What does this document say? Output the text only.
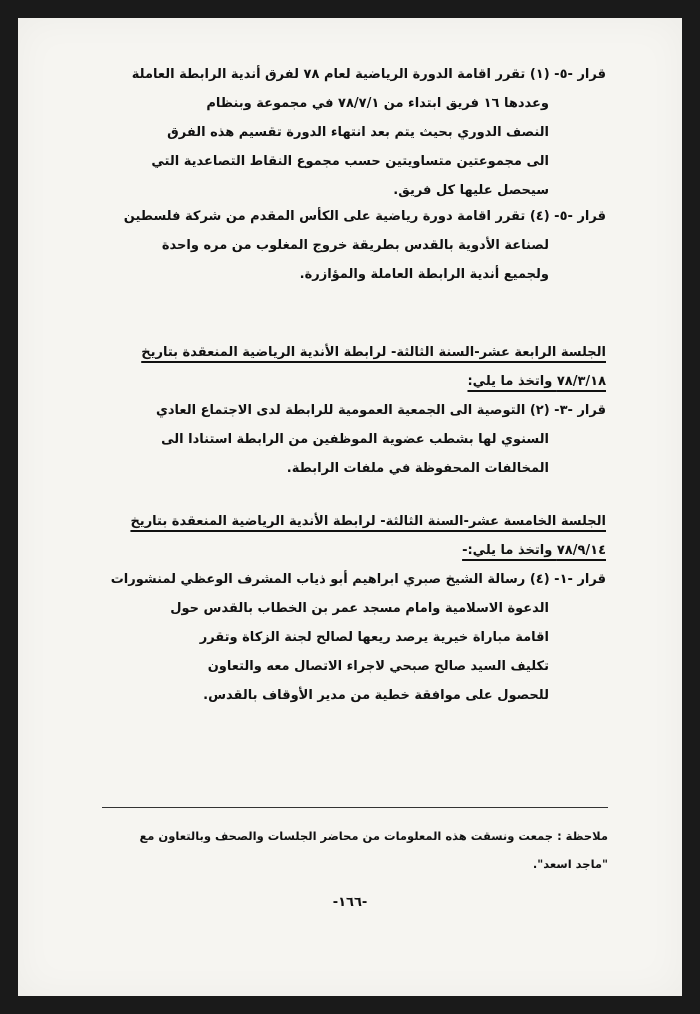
قرار -٥- (١) تقرر اقامة الدورة الرياضية لعام ٧٨ لفرق أندية الرابطة العاملة
وعددها ١٦ فريق ابتداء من ٧٨/٧/١ في مجموعة وبنظام
النصف الدوري بحيث يتم بعد انتهاء الدورة تقسيم هذه الفرق
الى مجموعتين متساويتين حسب مجموع النقاط التصاعدية التي
سيحصل عليها كل فريق.
قرار -٥- (٤) تقرر اقامة دورة رياضية على الكأس المقدم من شركة فلسطين
لصناعة الأدوية بالقدس بطريقة خروج المغلوب من مره واحدة
ولجميع أندية الرابطة العاملة والمؤازرة.
الجلسة الرابعة عشر-السنة الثالثة- لرابطة الأندية الرياضية المنعقدة بتاريخ
٧٨/٣/١٨ واتخذ ما يلي:
قرار -٣- (٢) التوصية الى الجمعية العمومية للرابطة لدى الاجتماع العادي
السنوي لها بشطب عضوية الموظفين من الرابطة استنادا الى
المخالفات المحفوظة في ملفات الرابطة.
الجلسة الخامسة عشر-السنة الثالثة- لرابطة الأندية الرياضية المنعقدة بتاريخ
٧٨/٩/١٤ واتخذ ما يلي:-
قرار -١- (٤) رسالة الشيخ صبري ابراهيم أبو ذياب المشرف الوعظي لمنشورات
الدعوة الاسلامية وامام مسجد عمر بن الخطاب بالقدس حول
اقامة مباراة خيرية يرصد ريعها لصالح لجنة الزكاة وتقرر
تكليف السيد صالح صبحي لاجراء الاتصال معه والتعاون
للحصول على موافقة خطية من مدير الأوقاف بالقدس.
ملاحظة : جمعت ونسقت هذه المعلومات من محاضر الجلسات والصحف وبالتعاون مع
"ماجد اسعد".
-١٦٦-
